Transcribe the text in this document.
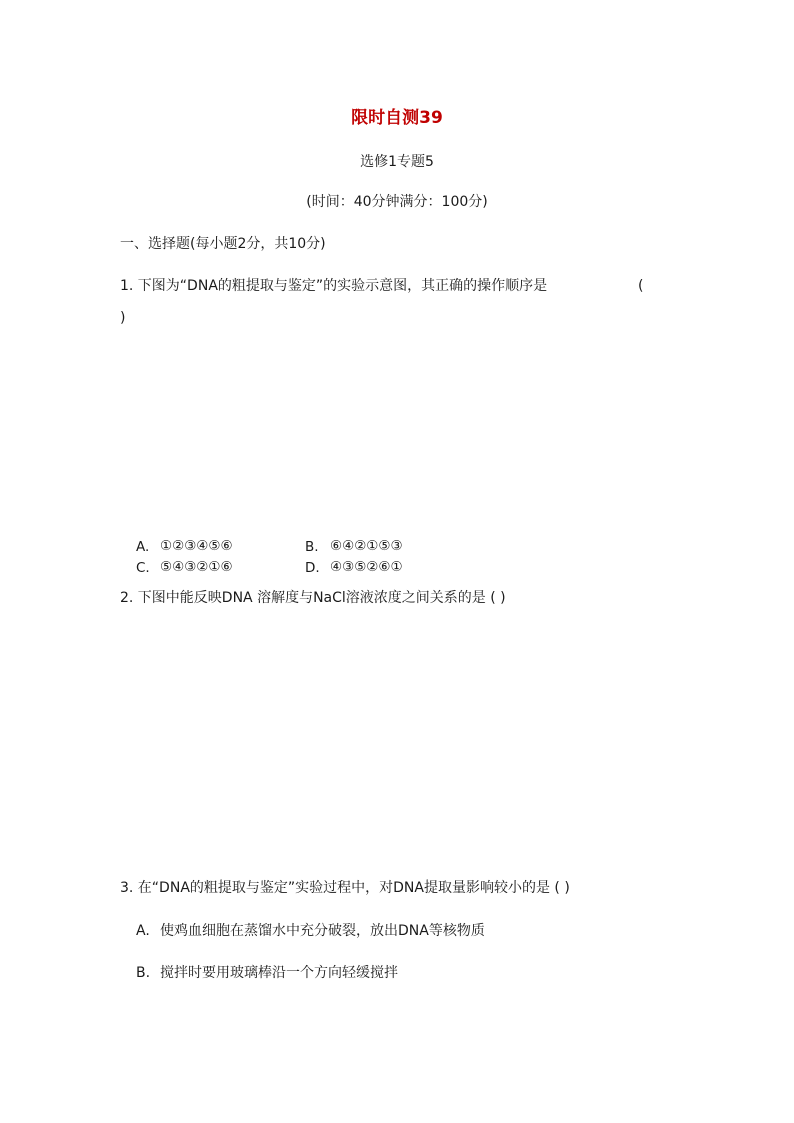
限时自测39
选修1专题5
(时间：40分钟满分：100分)
一、选择题(每小题2分，共10分)
1. 下图为“DNA的粗提取与鉴定”的实验示意图，其正确的操作顺序是	(
)
A. ①②③④⑤⑥	B. ⑥④②①⑤③
C. ⑤④③②①⑥	D. ④③⑤②⑥①
2. 下图中能反映DNA 溶解度与NaCl溶液浓度之间关系的是 ( )
3. 在“DNA的粗提取与鉴定”实验过程中，对DNA提取量影响较小的是 ( )
A. 使鸡血细胞在蒸馏水中充分破裂，放出DNA等核物质
B. 搅拌时要用玻璃棒沿一个方向轻缓搅拌
